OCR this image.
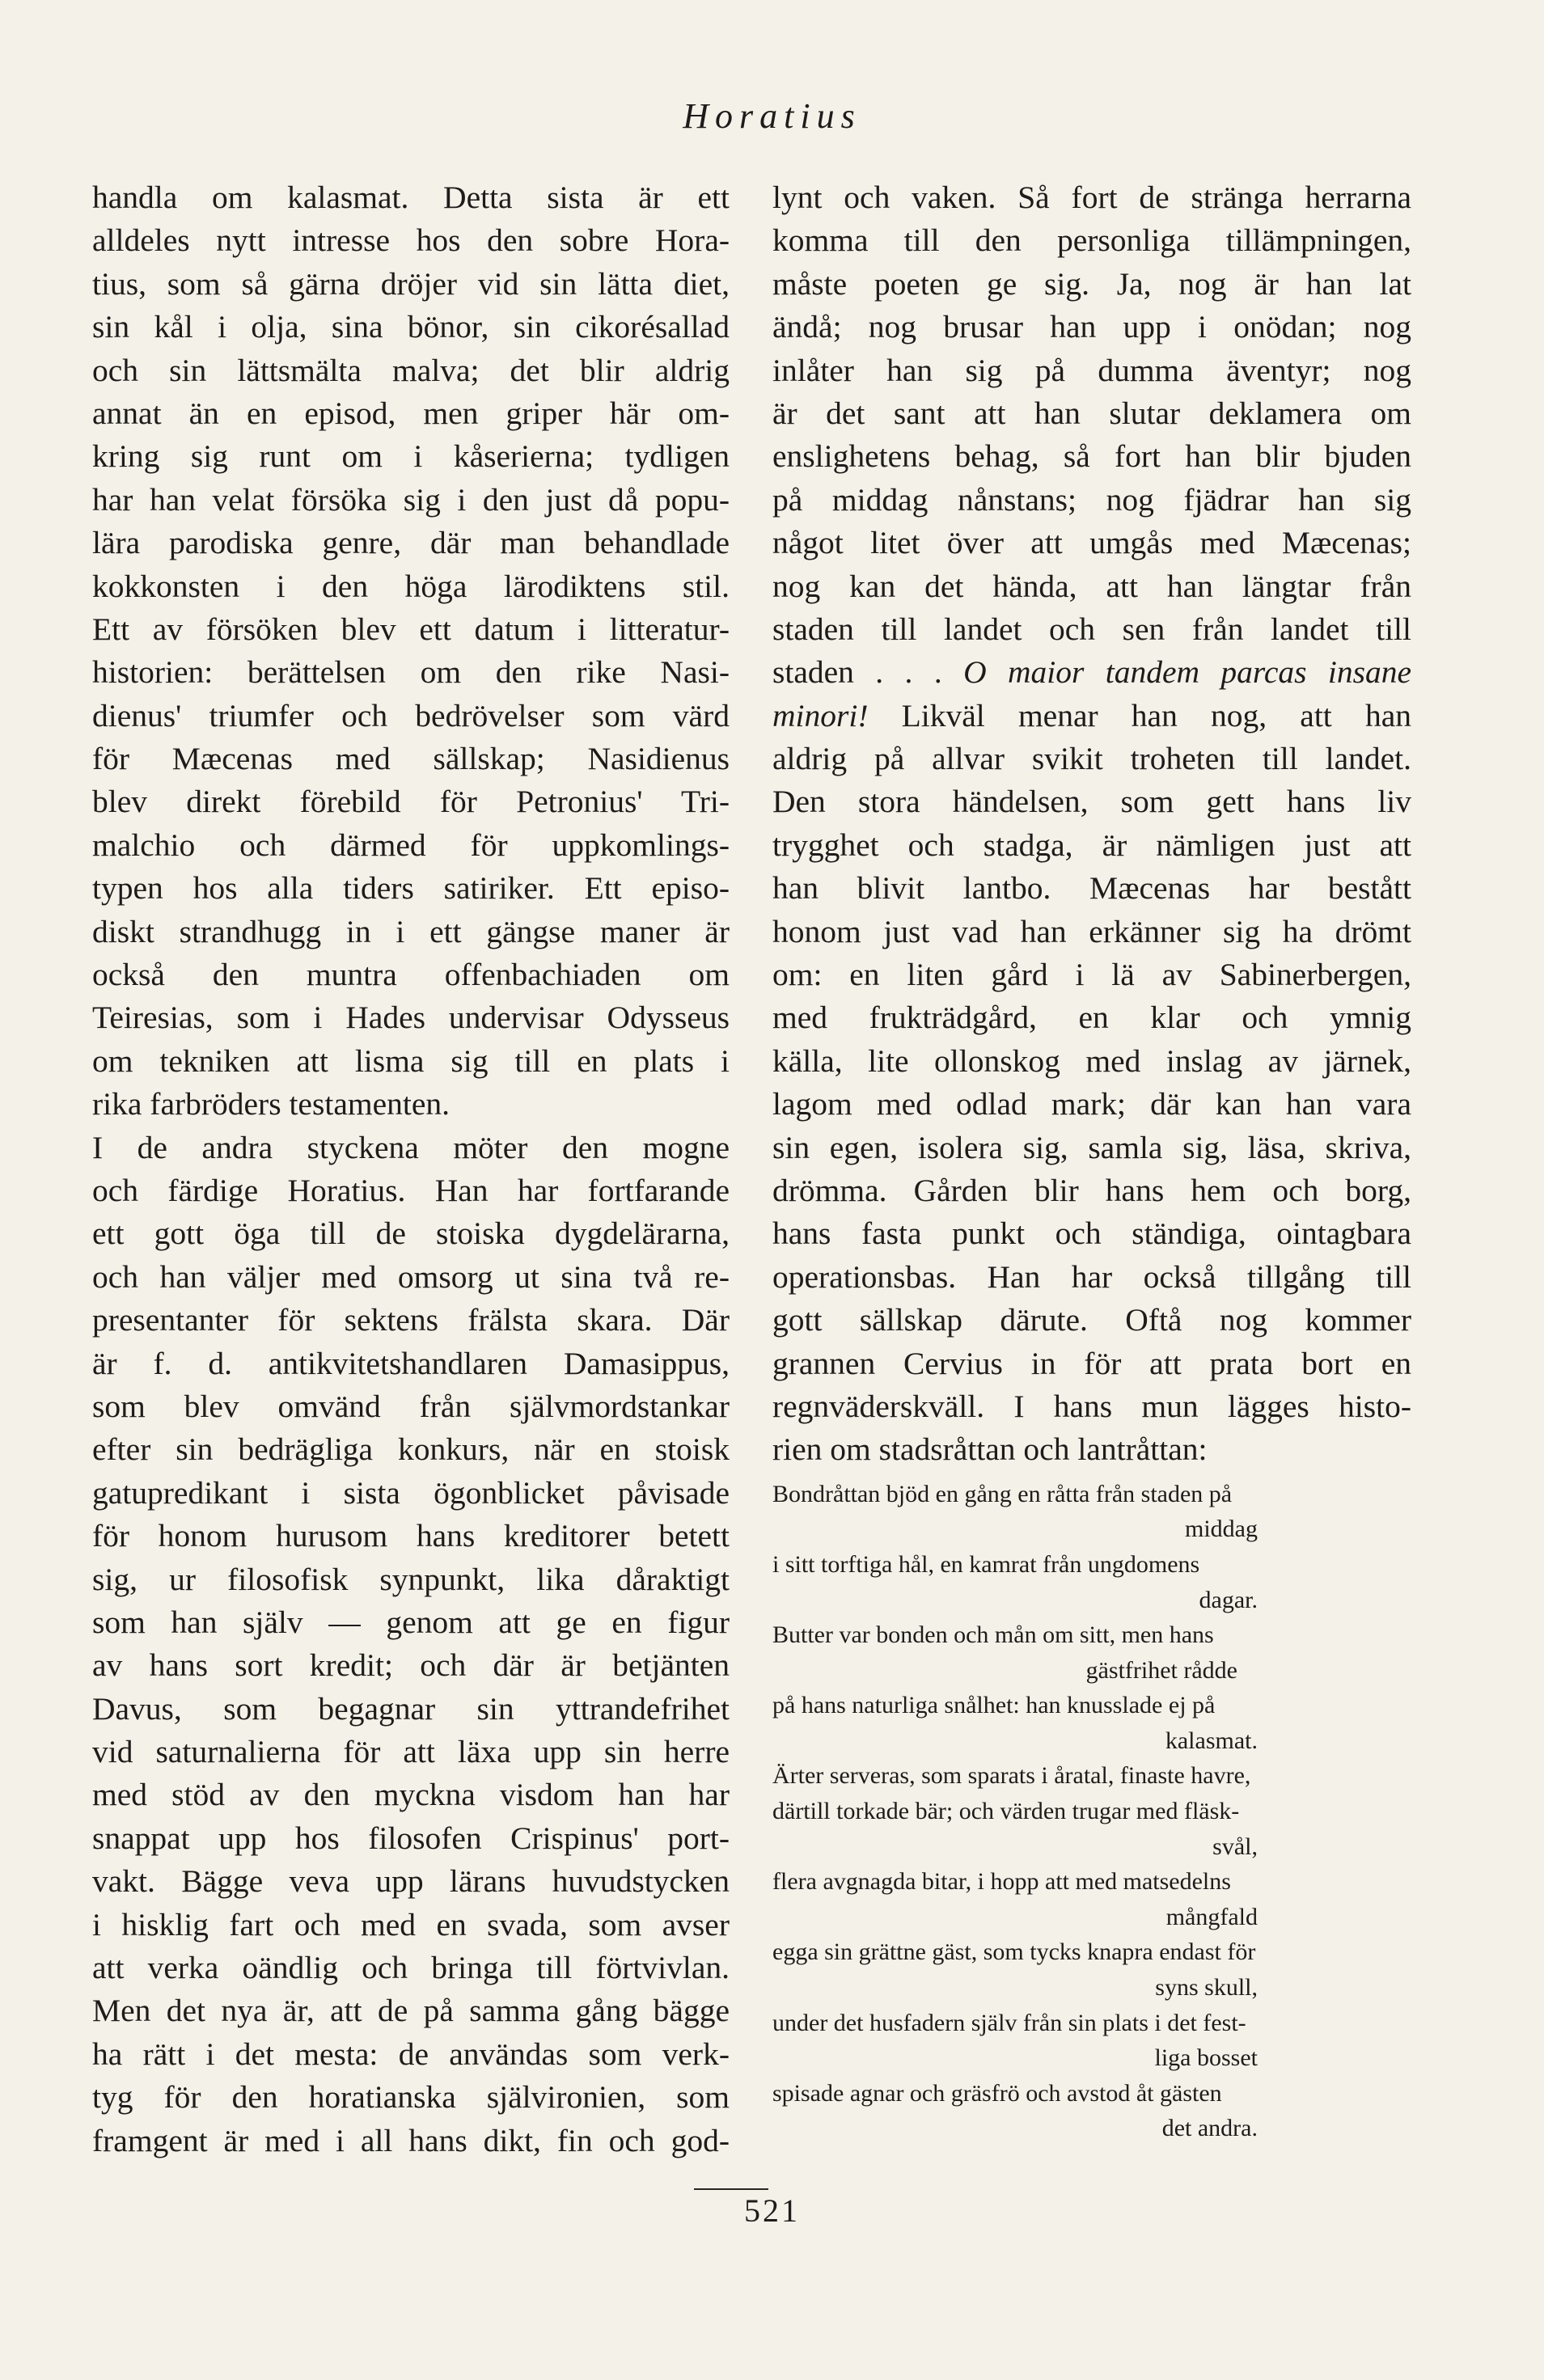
Horatius
handla om kalasmat. Detta sista är ett
alldeles nytt intresse hos den sobre Hora-
tius, som så gärna dröjer vid sin lätta diet,
sin kål i olja, sina bönor, sin cikorésallad
och sin lättsmälta malva; det blir aldrig
annat än en episod, men griper här om-
kring sig runt om i kåserierna; tydligen
har han velat försöka sig i den just då popu-
lära parodiska genre, där man behandlade
kokkonsten i den höga lärodiktens stil.
Ett av försöken blev ett datum i litteratur-
historien: berättelsen om den rike Nasi-
dienus' triumfer och bedrövelser som värd
för Mæcenas med sällskap; Nasidienus
blev direkt förebild för Petronius' Tri-
malchio och därmed för uppkomlings-
typen hos alla tiders satiriker. Ett episo-
diskt strandhugg in i ett gängse maner är
också den muntra offenbachiaden om
Teiresias, som i Hades undervisar Odysseus
om tekniken att lisma sig till en plats i
rika farbröders testamenten.
I de andra styckena möter den mogne
och färdige Horatius. Han har fortfarande
ett gott öga till de stoiska dygdelärarna,
och han väljer med omsorg ut sina två re-
presentanter för sektens frälsta skara. Där
är f. d. antikvitetshandlaren Damasippus,
som blev omvänd från självmordstankar
efter sin bedrägliga konkurs, när en stoisk
gatupredikant i sista ögonblicket påvisade
för honom hurusom hans kreditorer betett
sig, ur filosofisk synpunkt, lika dåraktigt
som han själv — genom att ge en figur
av hans sort kredit; och där är betjänten
Davus, som begagnar sin yttrandefrihet
vid saturnalierna för att läxa upp sin herre
med stöd av den myckna visdom han har
snappat upp hos filosofen Crispinus' port-
vakt. Bägge veva upp lärans huvudstycken
i hisklig fart och med en svada, som avser
att verka oändlig och bringa till förtvivlan.
Men det nya är, att de på samma gång bägge
ha rätt i det mesta: de användas som verk-
tyg för den horatianska självironien, som
framgent är med i all hans dikt, fin och god-
lynt och vaken. Så fort de stränga herrarna
komma till den personliga tillämpningen,
måste poeten ge sig. Ja, nog är han lat
ändå; nog brusar han upp i onödan; nog
inlåter han sig på dumma äventyr; nog
är det sant att han slutar deklamera om
enslighetens behag, så fort han blir bjuden
på middag nånstans; nog fjädrar han sig
något litet över att umgås med Mæcenas;
nog kan det hända, att han längtar från
staden till landet och sen från landet till
staden . . . O maior tandem parcas insane
minori! Likväl menar han nog, att han
aldrig på allvar svikit troheten till landet.
Den stora händelsen, som gett hans liv
trygghet och stadga, är nämligen just att
han blivit lantbo. Mæcenas har bestått
honom just vad han erkänner sig ha drömt
om: en liten gård i lä av Sabinerbergen,
med frukträdgård, en klar och ymnig
källa, lite ollonskog med inslag av järnek,
lagom med odlad mark; där kan han vara
sin egen, isolera sig, samla sig, läsa, skriva,
drömma. Gården blir hans hem och borg,
hans fasta punkt och ständiga, ointagbara
operationsbas. Han har också tillgång till
gott sällskap därute. Oftå nog kommer
grannen Cervius in för att prata bort en
regnväderskväll. I hans mun lägges histo-
rien om stadsråttan och lantråttan:
Bondråttan bjöd en gång en råtta från staden på
middag
i sitt torftiga hål, en kamrat från ungdomens
dagar.
Butter var bonden och mån om sitt, men hans
gästfrihet rådde
på hans naturliga snålhet: han knusslade ej på
kalasmat.
Ärter serveras, som sparats i åratal, finaste havre,
därtill torkade bär; och värden trugar med fläsk-
svål,
flera avgnagda bitar, i hopp att med matsedelns
mångfald
egga sin grättne gäst, som tycks knapra endast för
syns skull,
under det husfadern själv från sin plats i det fest-
liga bosset
spisade agnar och gräsfrö och avstod åt gästen
det andra.
521
